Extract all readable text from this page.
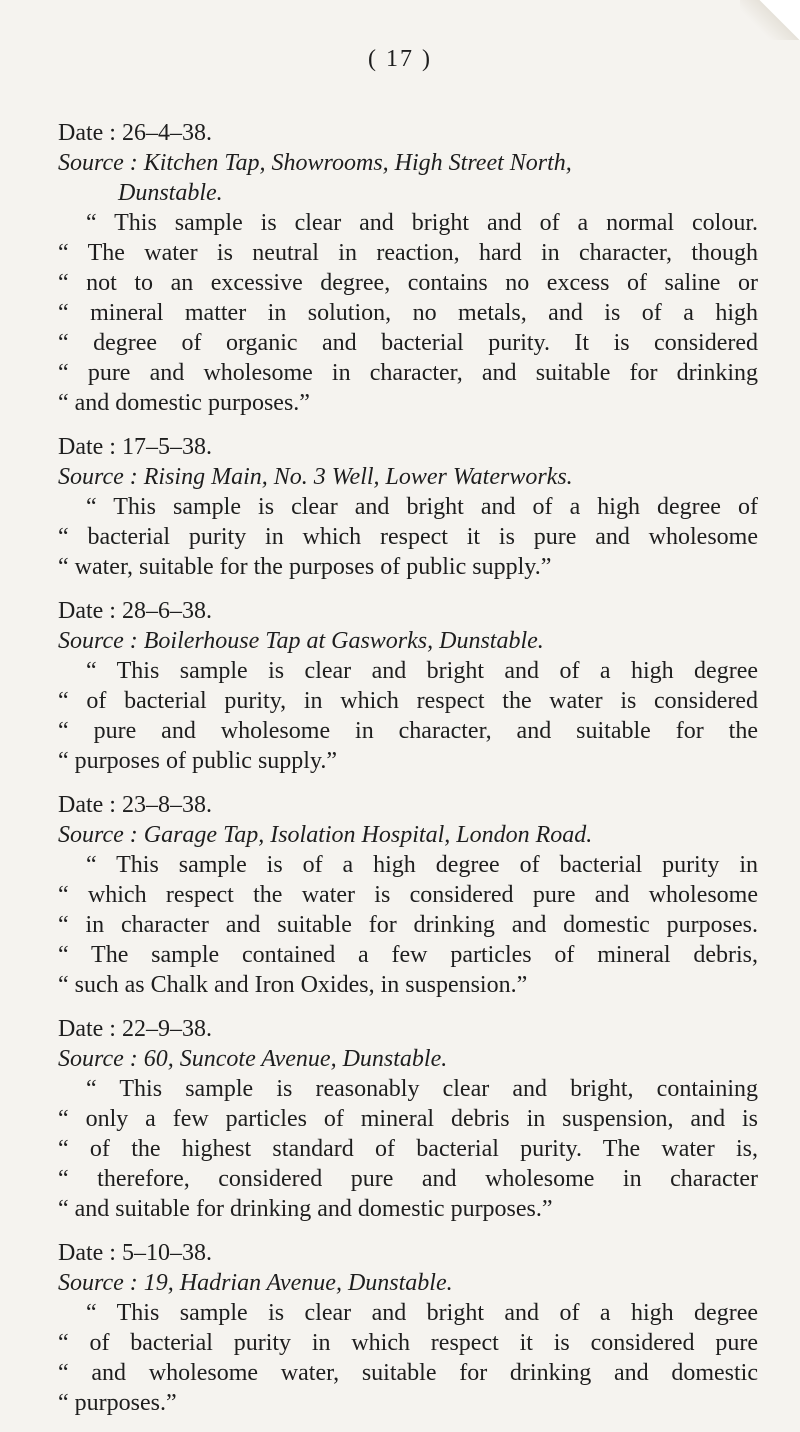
( 17 )
Date : 26–4–38.
Source : Kitchen Tap, Showrooms, High Street North,
Dunstable.
“ This sample is clear and bright and of a normal colour.
“ The water is neutral in reaction, hard in character, though
“ not to an excessive degree, contains no excess of saline or
“ mineral matter in solution, no metals, and is of a high
“ degree of organic and bacterial purity. It is considered
“ pure and wholesome in character, and suitable for drinking
“ and domestic purposes.”
Date : 17–5–38.
Source : Rising Main, No. 3 Well, Lower Waterworks.
“ This sample is clear and bright and of a high degree of
“ bacterial purity in which respect it is pure and wholesome
“ water, suitable for the purposes of public supply.”
Date : 28–6–38.
Source : Boilerhouse Tap at Gasworks, Dunstable.
“ This sample is clear and bright and of a high degree
“ of bacterial purity, in which respect the water is considered
“ pure and wholesome in character, and suitable for the
“ purposes of public supply.”
Date : 23–8–38.
Source : Garage Tap, Isolation Hospital, London Road.
“ This sample is of a high degree of bacterial purity in
“ which respect the water is considered pure and wholesome
“ in character and suitable for drinking and domestic purposes.
“ The sample contained a few particles of mineral debris,
“ such as Chalk and Iron Oxides, in suspension.”
Date : 22–9–38.
Source : 60, Suncote Avenue, Dunstable.
“ This sample is reasonably clear and bright, containing
“ only a few particles of mineral debris in suspension, and is
“ of the highest standard of bacterial purity. The water is,
“ therefore, considered pure and wholesome in character
“ and suitable for drinking and domestic purposes.”
Date : 5–10–38.
Source : 19, Hadrian Avenue, Dunstable.
“ This sample is clear and bright and of a high degree
“ of bacterial purity in which respect it is considered pure
“ and wholesome water, suitable for drinking and domestic
“ purposes.”
